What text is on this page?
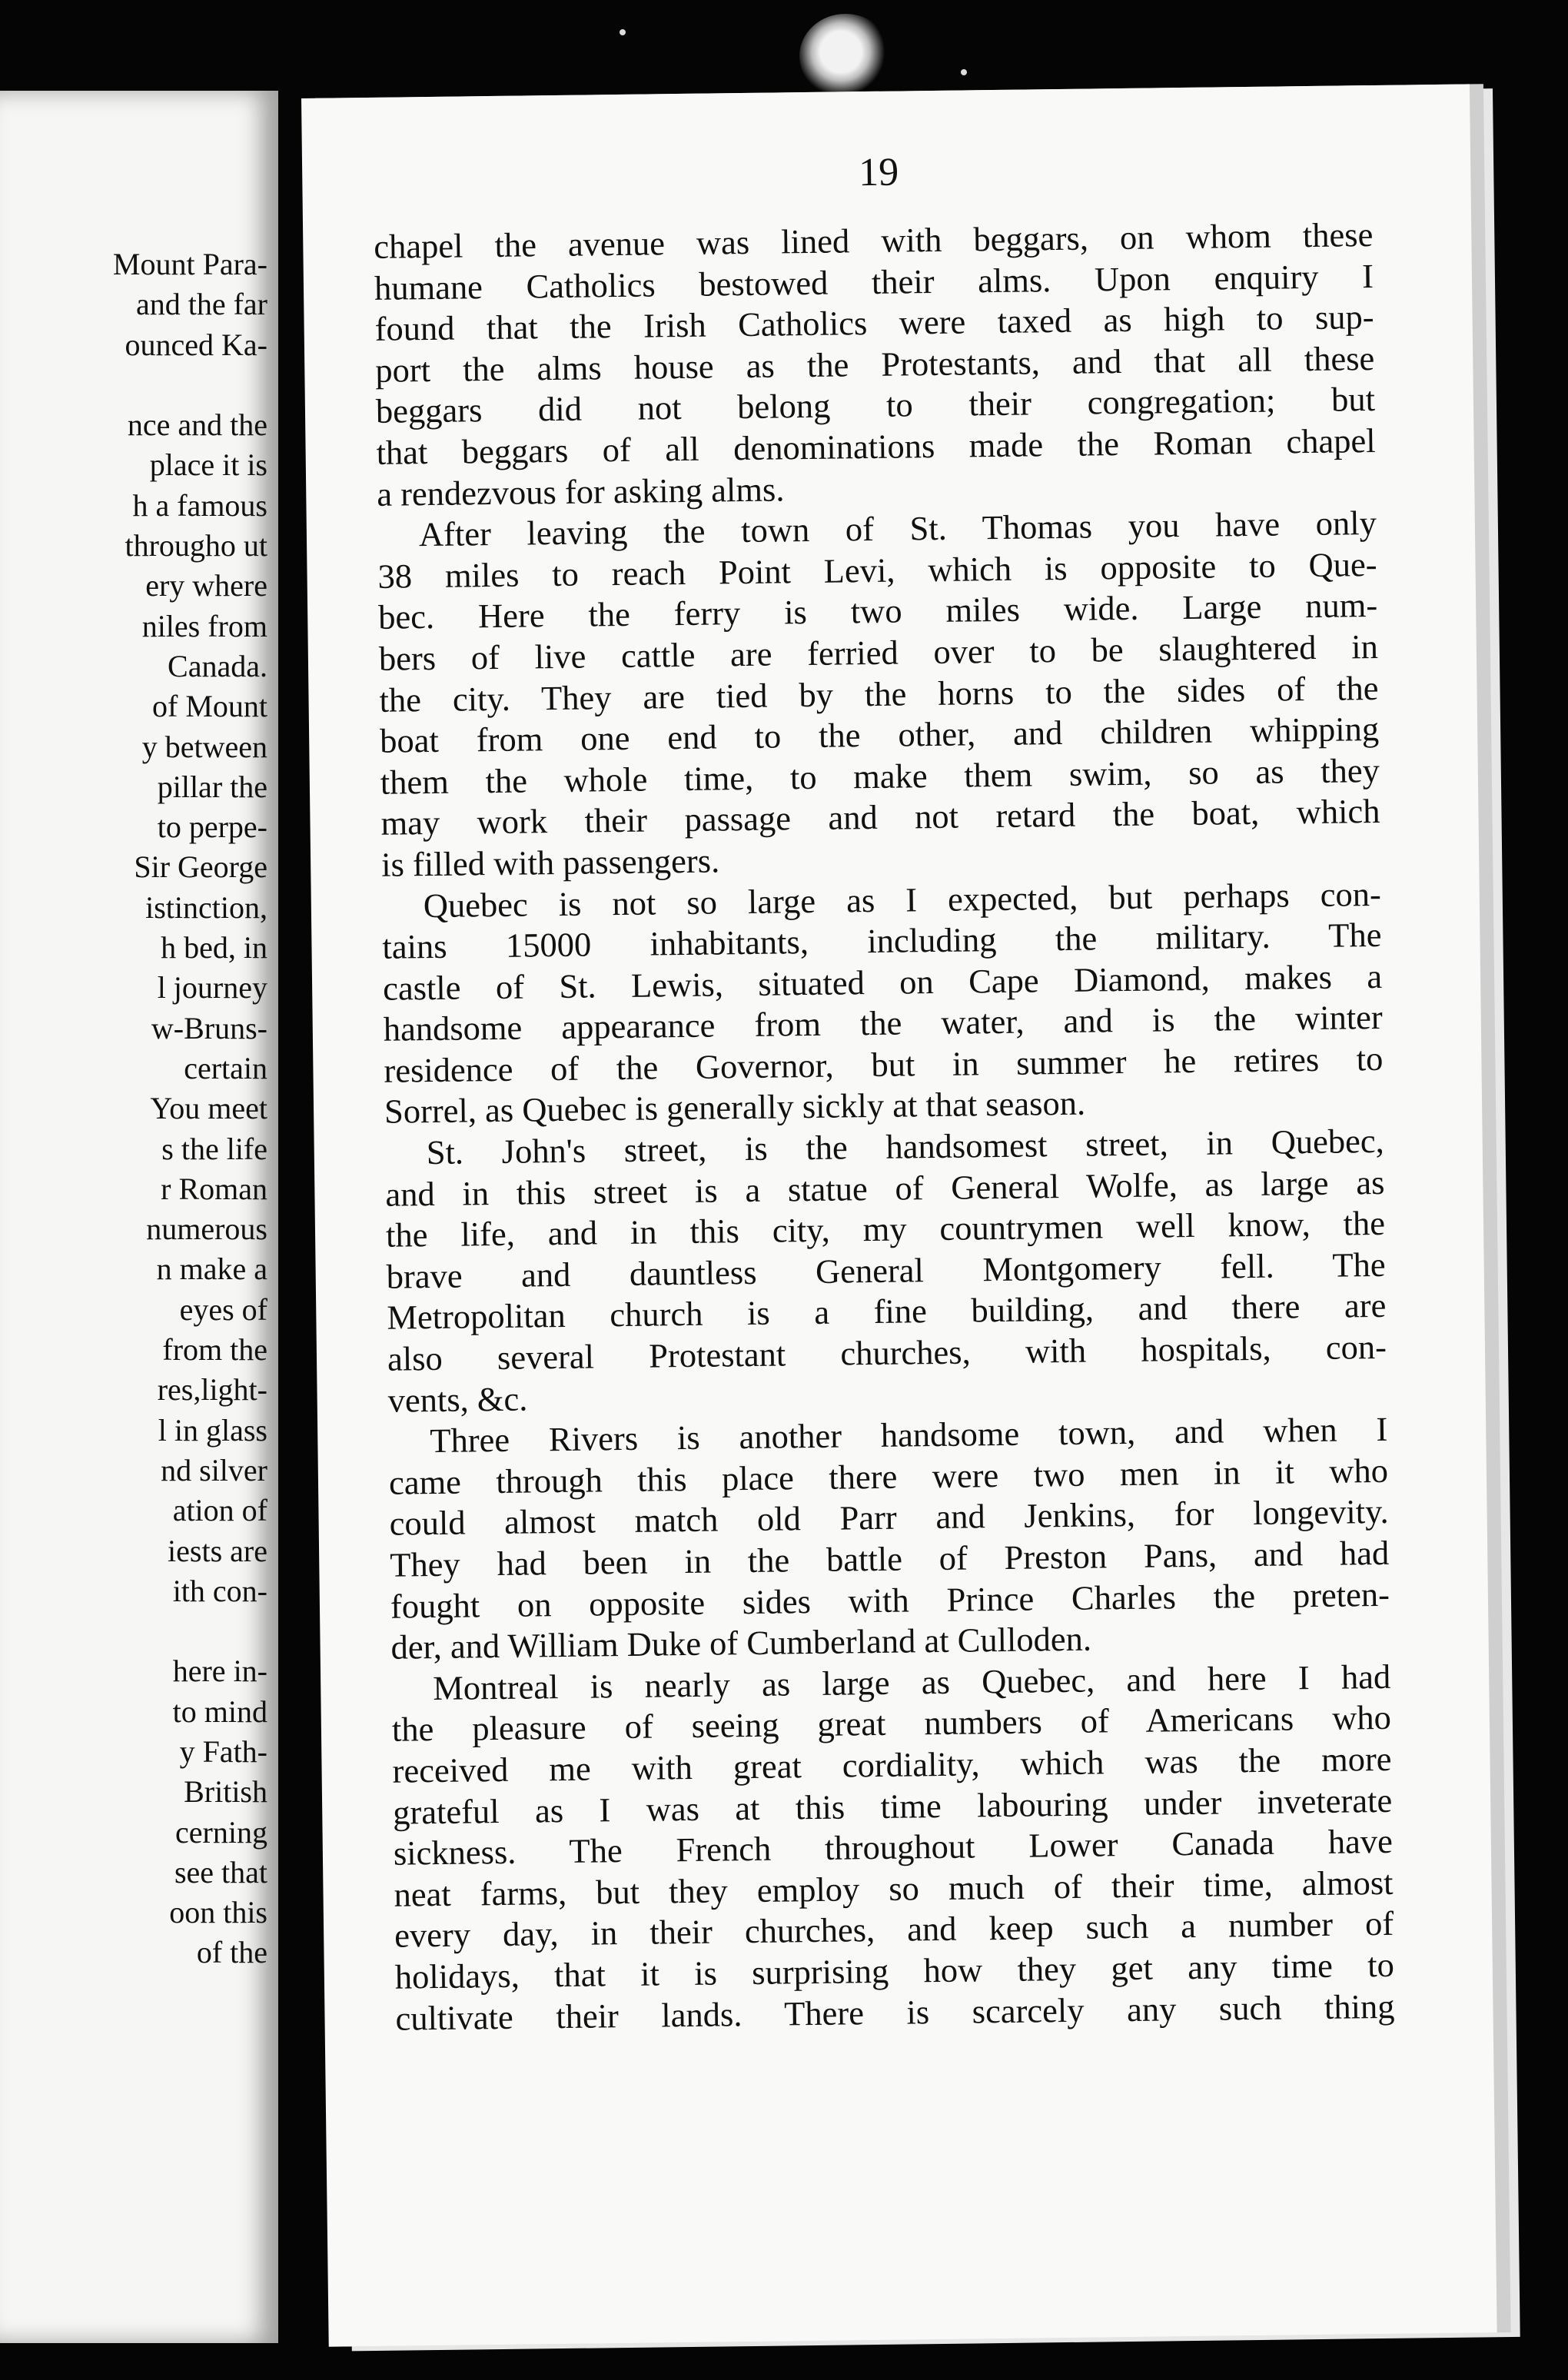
Mount Para-
and the far
ounced Ka-

nce and the
place it is
h a famous
througho ut
ery where
niles from
Canada.
of Mount
y between
pillar the
to perpe-
Sir George
istinction,
h bed, in
l journey
w-Bruns-
certain
You meet
s the life
r Roman
numerous
n make a
eyes of
from the
res,light-
l in glass
nd silver
ation of
iests are
ith con-

here in-
to mind
y Fath-
British
cerning
see that
oon this
of the
19
chapel the avenue was lined with beggars, on whom these
humane Catholics bestowed their alms. Upon enquiry I
found that the Irish Catholics were taxed as high to sup-
port the alms house as the Protestants, and that all these
beggars did not belong to their congregation; but
that beggars of all denominations made the Roman chapel
a rendezvous for asking alms.
After leaving the town of St. Thomas you have only
38 miles to reach Point Levi, which is opposite to Que-
bec. Here the ferry is two miles wide. Large num-
bers of live cattle are ferried over to be slaughtered in
the city. They are tied by the horns to the sides of the
boat from one end to the other, and children whipping
them the whole time, to make them swim, so as they
may work their passage and not retard the boat, which
is filled with passengers.
Quebec is not so large as I expected, but perhaps con-
tains 15000 inhabitants, including the military. The
castle of St. Lewis, situated on Cape Diamond, makes a
handsome appearance from the water, and is the winter
residence of the Governor, but in summer he retires to
Sorrel, as Quebec is generally sickly at that season.
St. John's street, is the handsomest street, in Quebec,
and in this street is a statue of General Wolfe, as large as
the life, and in this city, my countrymen well know, the
brave and dauntless General Montgomery fell. The
Metropolitan church is a fine building, and there are
also several Protestant churches, with hospitals, con-
vents, &c.
Three Rivers is another handsome town, and when I
came through this place there were two men in it who
could almost match old Parr and Jenkins, for longevity.
They had been in the battle of Preston Pans, and had
fought on opposite sides with Prince Charles the preten-
der, and William Duke of Cumberland at Culloden.
Montreal is nearly as large as Quebec, and here I had
the pleasure of seeing great numbers of Americans who
received me with great cordiality, which was the more
grateful as I was at this time labouring under inveterate
sickness. The French throughout Lower Canada have
neat farms, but they employ so much of their time, almost
every day, in their churches, and keep such a number of
holidays, that it is surprising how they get any time to
cultivate their lands. There is scarcely any such thing
